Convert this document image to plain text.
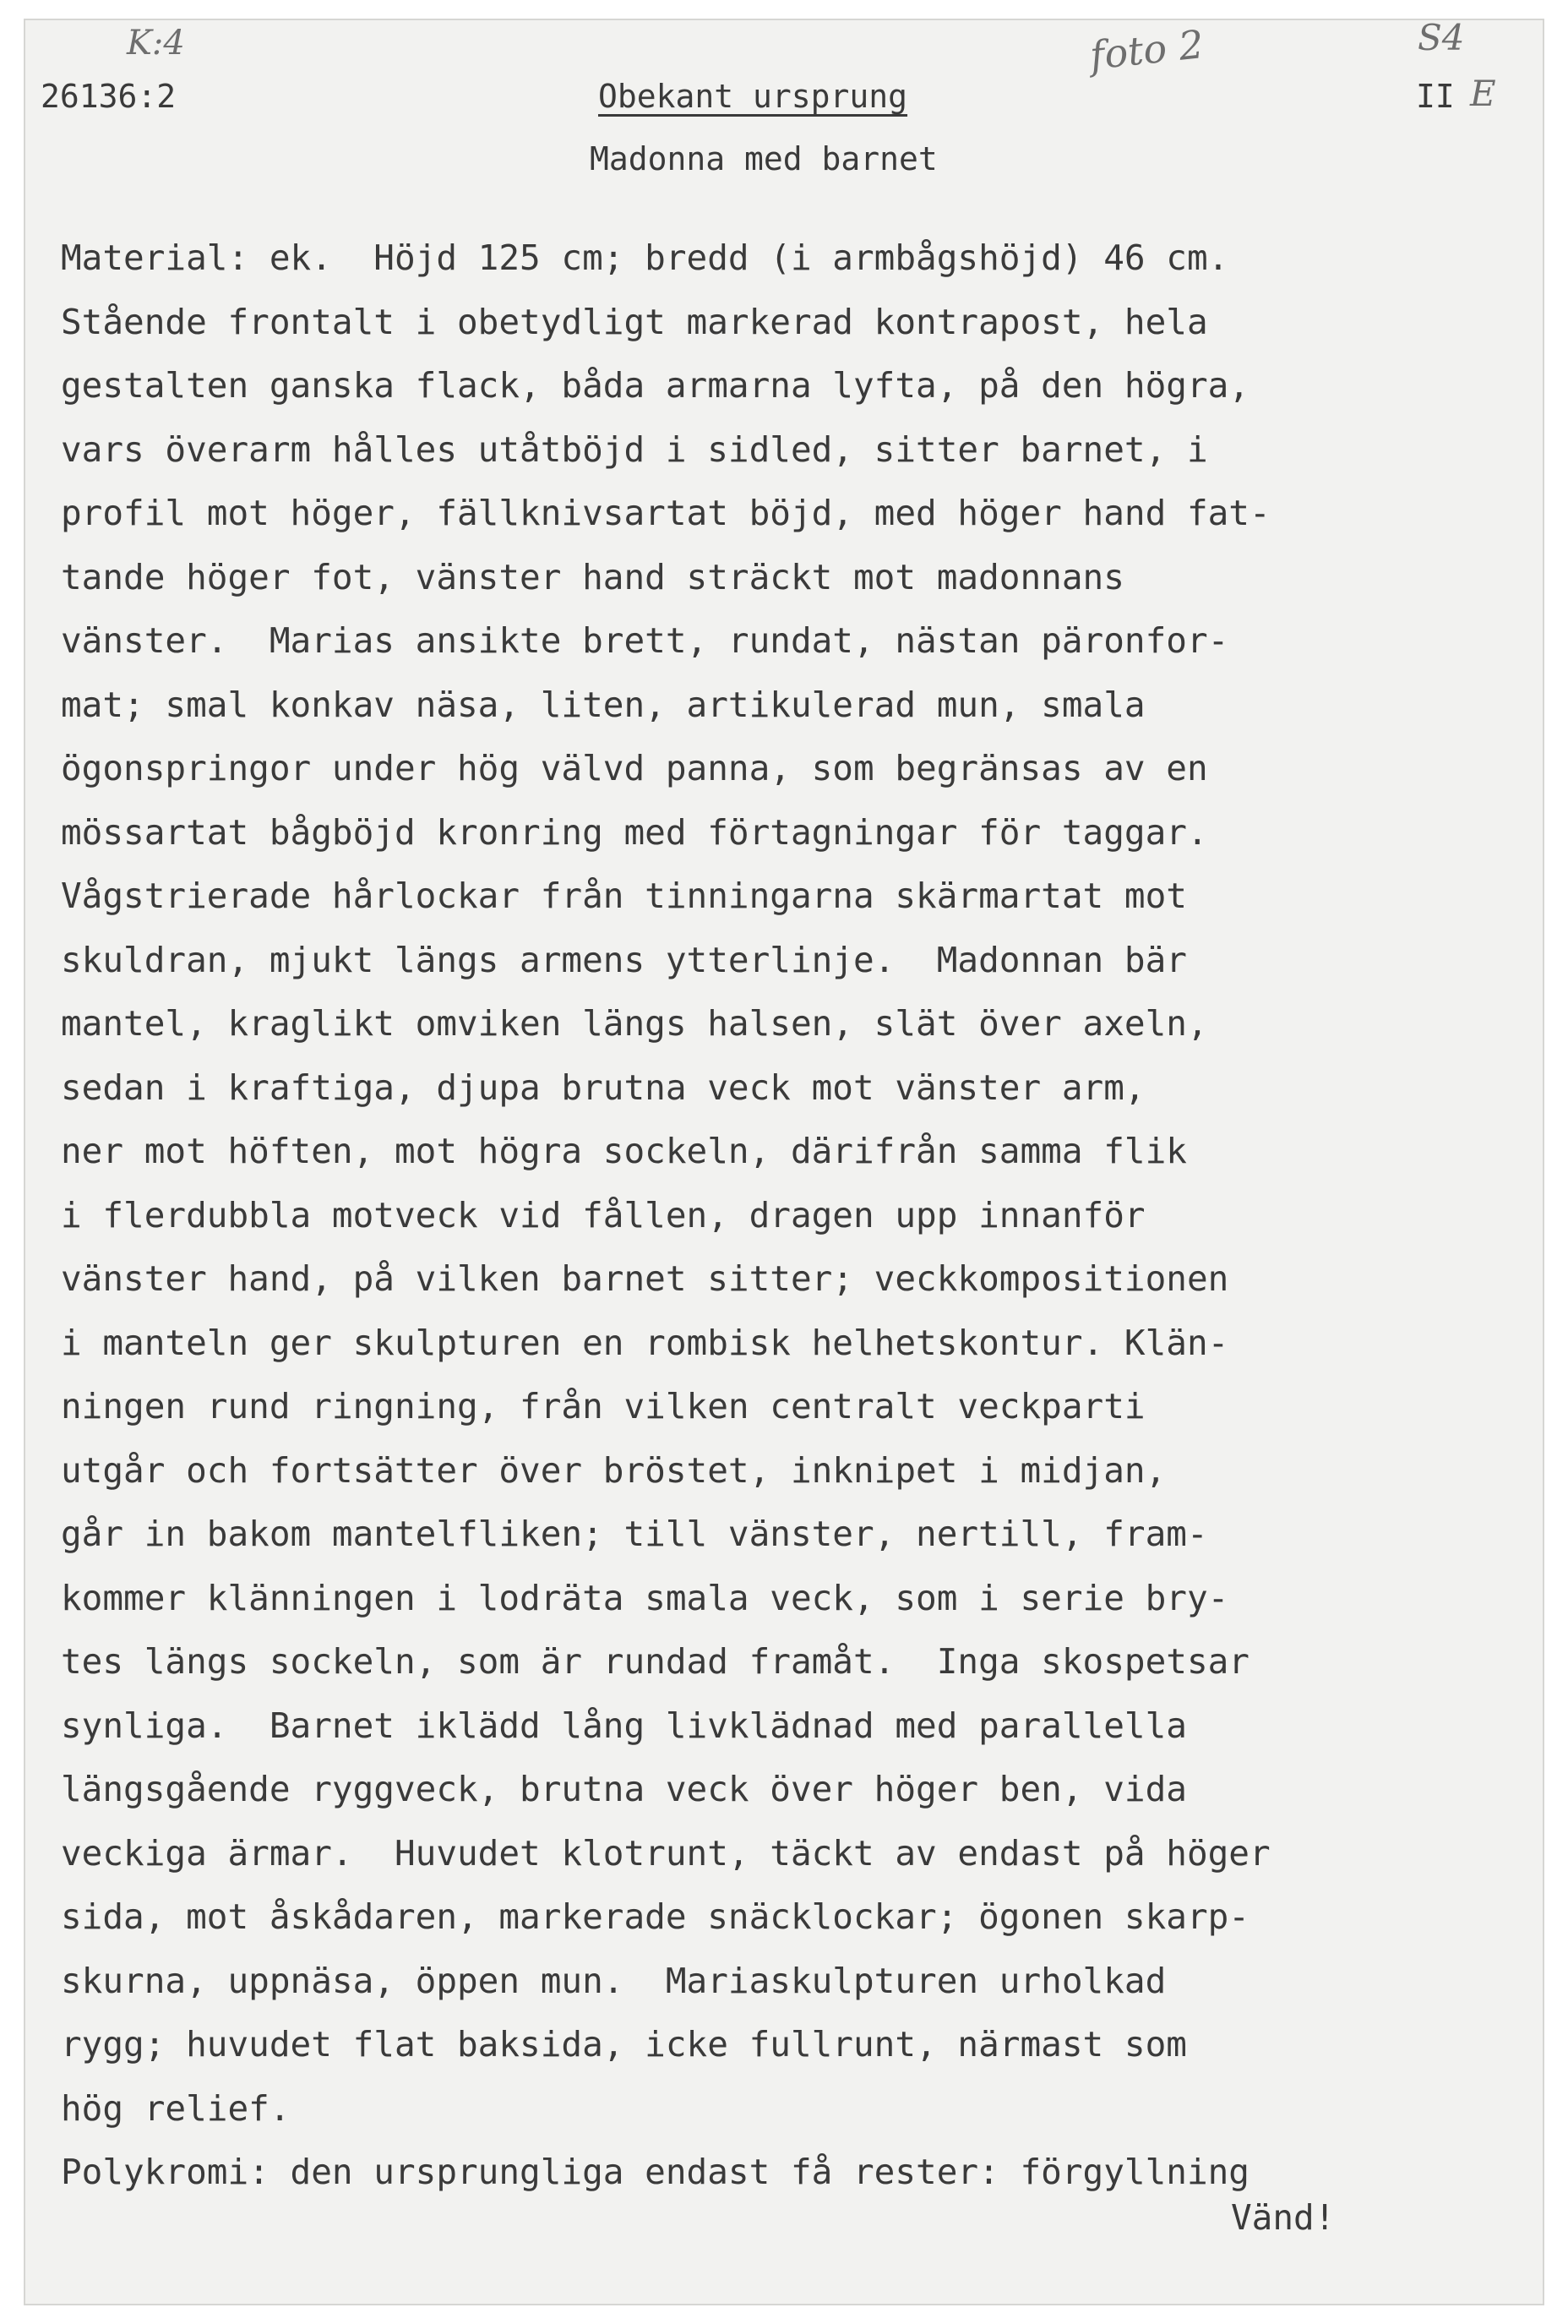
K:4	foto 2	S4
E
26136:2	Obekant ursprung	II
Madonna med barnet
Material: ek.  Höjd 125 cm; bredd (i armbågshöjd) 46 cm.
Stående frontalt i obetydligt markerad kontrapost, hela
gestalten ganska flack, båda armarna lyfta, på den högra,
vars överarm hålles utåtböjd i sidled, sitter barnet, i
profil mot höger, fällknivsartat böjd, med höger hand fat-
tande höger fot, vänster hand sträckt mot madonnans
vänster.  Marias ansikte brett, rundat, nästan päronfor-
mat; smal konkav näsa, liten, artikulerad mun, smala
ögonspringor under hög välvd panna, som begränsas av en
mössartat bågböjd kronring med förtagningar för taggar.
Vågstrierade hårlockar från tinningarna skärmartat mot
skuldran, mjukt längs armens ytterlinje.  Madonnan bär
mantel, kraglikt omviken längs halsen, slät över axeln,
sedan i kraftiga, djupa brutna veck mot vänster arm,
ner mot höften, mot högra sockeln, därifrån samma flik
i flerdubbla motveck vid fållen, dragen upp innanför
vänster hand, på vilken barnet sitter; veckkompositionen
i manteln ger skulpturen en rombisk helhetskontur. Klän-
ningen rund ringning, från vilken centralt veckparti
utgår och fortsätter över bröstet, inknipet i midjan,
går in bakom mantelfliken; till vänster, nertill, fram-
kommer klänningen i lodräta smala veck, som i serie bry-
tes längs sockeln, som är rundad framåt.  Inga skospetsar
synliga.  Barnet iklädd lång livklädnad med parallella
längsgående ryggveck, brutna veck över höger ben, vida
veckiga ärmar.  Huvudet klotrunt, täckt av endast på höger
sida, mot åskådaren, markerade snäcklockar; ögonen skarp-
skurna, uppnäsa, öppen mun.  Mariaskulpturen urholkad
rygg; huvudet flat baksida, icke fullrunt, närmast som
hög relief.
Polykromi: den ursprungliga endast få rester: förgyllning
Vänd!
